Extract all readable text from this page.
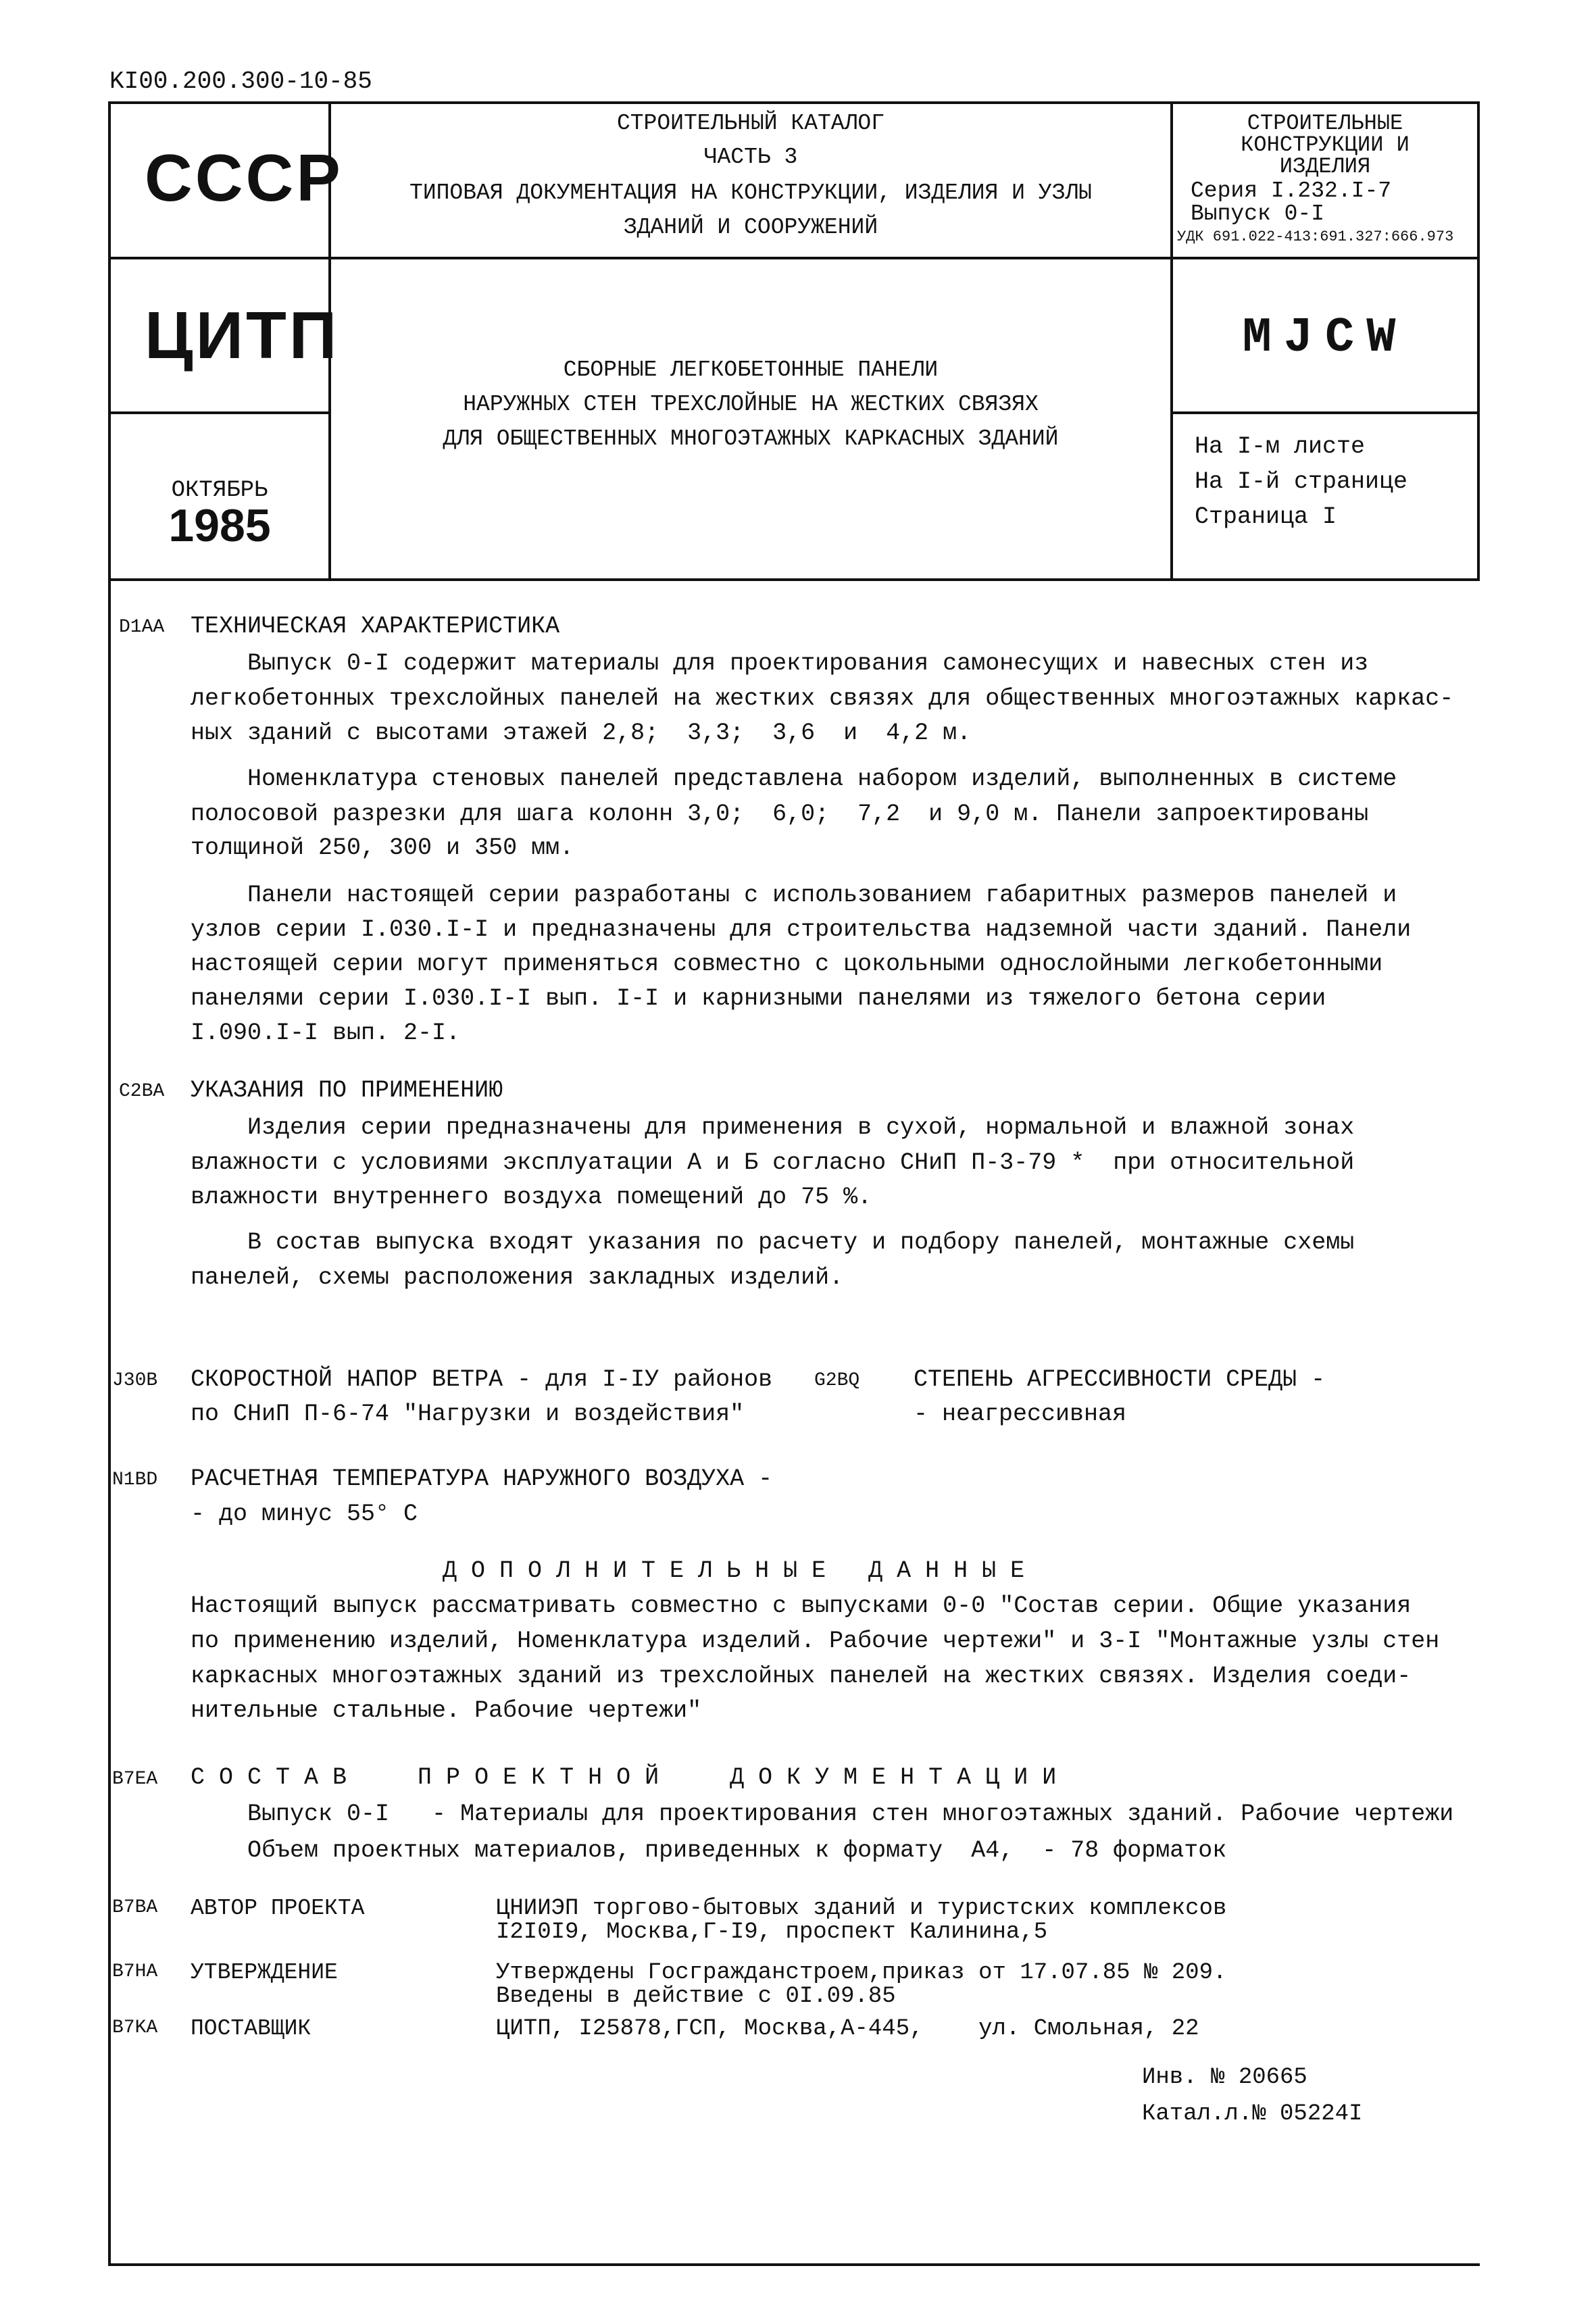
KI00.200.300-10-85
СССР
ЦИТП
ОКТЯБРЬ
1985
СТРОИТЕЛЬНЫЙ КАТАЛОГ
ЧАСТЬ 3
ТИПОВАЯ ДОКУМЕНТАЦИЯ НА КОНСТРУКЦИИ, ИЗДЕЛИЯ И УЗЛЫ
ЗДАНИЙ И СООРУЖЕНИЙ
СТРОИТЕЛЬНЫЕ
КОНСТРУКЦИИ И
ИЗДЕЛИЯ
Серия I.232.I-7
Выпуск 0-I
УДК 691.022-413:691.327:666.973
СБОРНЫЕ ЛЕГКОБЕТОННЫЕ ПАНЕЛИ
НАРУЖНЫХ СТЕН ТРЕХСЛОЙНЫЕ НА ЖЕСТКИХ СВЯЗЯХ
ДЛЯ ОБЩЕСТВЕННЫХ МНОГОЭТАЖНЫХ КАРКАСНЫХ ЗДАНИЙ
MJCW
На I-м листе
На I-й странице
Страница I
D1AA ТЕХНИЧЕСКАЯ ХАРАКТЕРИСТИКА
Выпуск 0-I содержит материалы для проектирования самонесущих и навесных стен из
легкобетонных трехслойных панелей на жестких связях для общественных многоэтажных каркас-
ных зданий с высотами этажей 2,8;  3,3;  3,6  и  4,2 м.
Номенклатура стеновых панелей представлена набором изделий, выполненных в системе
полосовой разрезки для шага колонн 3,0;  6,0;  7,2  и 9,0 м. Панели запроектированы
толщиной 250, 300 и 350 мм.
Панели настоящей серии разработаны с использованием габаритных размеров панелей и
узлов серии I.030.I-I и предназначены для строительства надземной части зданий. Панели
настоящей серии могут применяться совместно с цокольными однослойными легкобетонными
панелями серии I.030.I-I вып. I-I и карнизными панелями из тяжелого бетона серии
I.090.I-I вып. 2-I.
C2BA УКАЗАНИЯ ПО ПРИМЕНЕНИЮ
Изделия серии предназначены для применения в сухой, нормальной и влажной зонах
влажности с условиями эксплуатации А и Б согласно СНиП П-3-79 *  при относительной
влажности внутреннего воздуха помещений до 75 %.
В состав выпуска входят указания по расчету и подбору панелей, монтажные схемы
панелей, схемы расположения закладных изделий.
J30B СКОРОСТНОЙ НАПОР ВЕТРА - для I-IУ районов
по СНиП П-6-74 "Нагрузки и воздействия"
G2BQ СТЕПЕНЬ АГРЕССИВНОСТИ СРЕДЫ -
- неагрессивная
N1BD РАСЧЕТНАЯ ТЕМПЕРАТУРА НАРУЖНОГО ВОЗДУХА -
- до минус 55° С
Д О П О Л Н И Т Е Л Ь Н Ы Е   Д А Н Н Ы Е
Настоящий выпуск рассматривать совместно с выпусками 0-0 "Состав серии. Общие указания
по применению изделий, Номенклатура изделий. Рабочие чертежи" и 3-I "Монтажные узлы стен
каркасных многоэтажных зданий из трехслойных панелей на жестких связях. Изделия соеди-
нительные стальные. Рабочие чертежи"
B7EA С О С Т А В     П Р О Е К Т Н О Й     Д О К У М Е Н Т А Ц И И
Выпуск 0-I   - Материалы для проектирования стен многоэтажных зданий. Рабочие чертежи
Объем проектных материалов, приведенных к формату  А4,  - 78 форматок
B7BA АВТОР ПРОЕКТА	ЦНИИЭП торгово-бытовых зданий и туристских комплексов
I2I0I9, Москва,Г-I9, проспект Калинина,5
B7HA УТВЕРЖДЕНИЕ	Утверждены Госгражданстроем,приказ от 17.07.85 № 209.
Введены в действие с 0I.09.85
B7KA ПОСТАВЩИК	ЦИТП, I25878,ГСП, Москва,А-445,    ул. Смольная, 22
Инв. № 20665
Катал.л.№ 05224I
